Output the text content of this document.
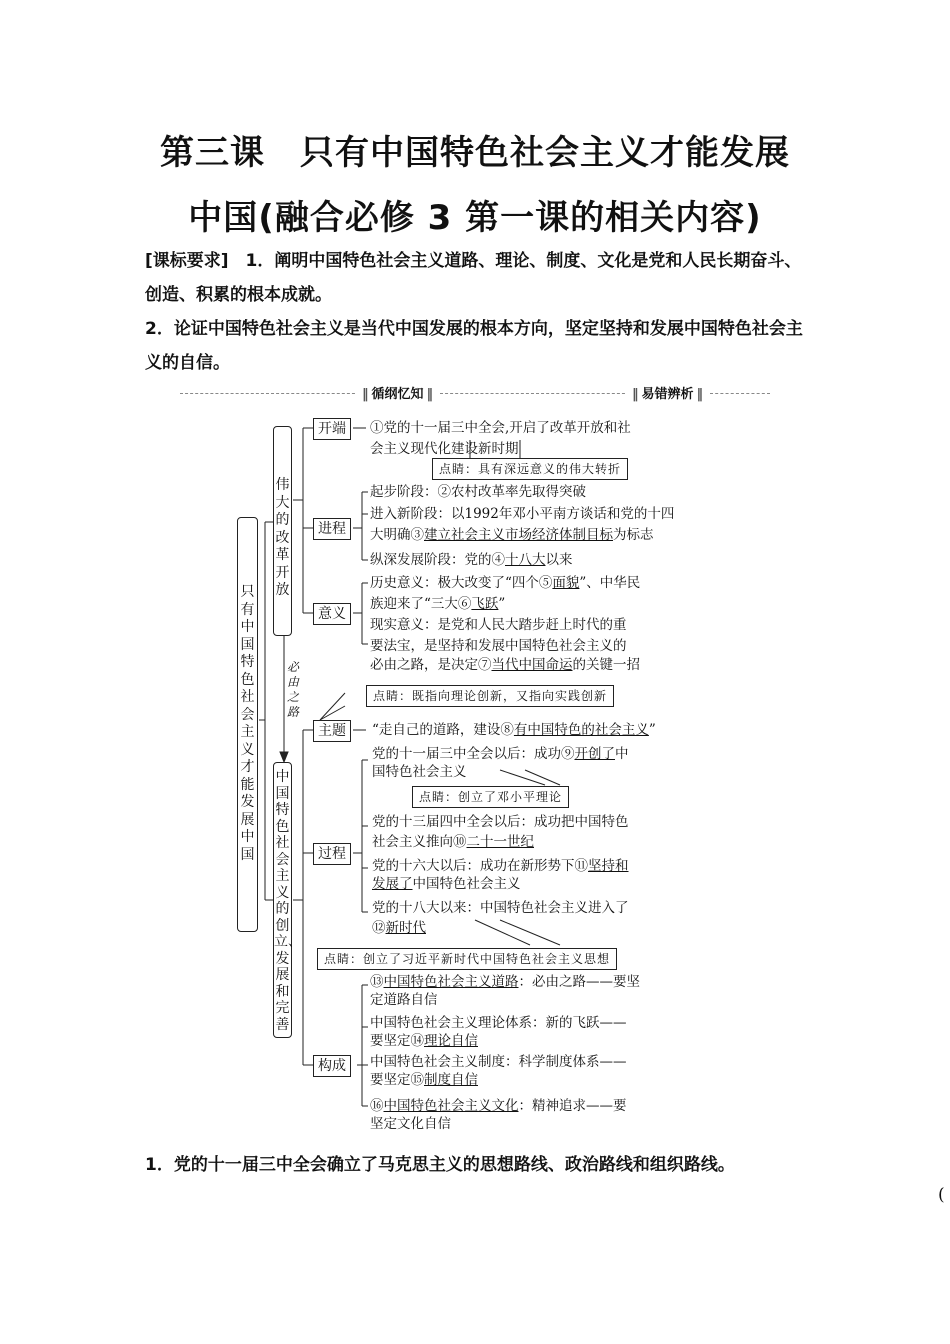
第三课　只有中国特色社会主义才能发展
中国(融合必修 3 第一课的相关内容)
[课标要求]　 1．阐明中国特色社会主义道路、理论、制度、文化是党和人民长期奋斗、创造、积累的根本成就。
2．论证中国特色社会主义是当代中国发展的根本方向，坚定坚持和发展中国特色社会主义的自信。
‖ 循纲忆知 ‖
‖	易错辨析 ‖
只有中国特色社会主义才能发展中国
伟大的改革开放
必由之路
中国特色社会主义的创立、发展和完善
开端
进程
意义
主题
过程
构成
①党的十一届三中全会,开启了改革开放和社
会主义现代化建设新时期
点睛：具有深远意义的伟大转折
起步阶段：②农村改革率先取得突破
进入新阶段：以1992年邓小平南方谈话和党的十四
大明确③建立社会主义市场经济体制目标为标志
纵深发展阶段：党的④十八大以来
历史意义：极大改变了“四个⑤面貌”、中华民
族迎来了“三大⑥飞跃”
现实意义：是党和人民大踏步赶上时代的重
要法宝，是坚持和发展中国特色社会主义的
必由之路，是决定⑦当代中国命运的关键一招
点睛：既指向理论创新，又指向实践创新
“走自己的道路，建设⑧有中国特色的社会主义”
党的十一届三中全会以后：成功⑨开创了中
国特色社会主义
点睛：创立了邓小平理论
党的十三届四中全会以后：成功把中国特色
社会主义推向⑩二十一世纪
党的十六大以后：成功在新形势下⑪坚持和
发展了中国特色社会主义
党的十八大以来：中国特色社会主义进入了
⑫新时代
点睛：创立了习近平新时代中国特色社会主义思想
⑬中国特色社会主义道路：必由之路——要坚
定道路自信
中国特色社会主义理论体系：新的飞跃——
要坚定⑭理论自信
中国特色社会主义制度：科学制度体系——
要坚定⑮制度自信
⑯中国特色社会主义文化：精神追求——要
坚定文化自信
1．党的十一届三中全会确立了马克思主义的思想路线、政治路线和组织路线。
(
